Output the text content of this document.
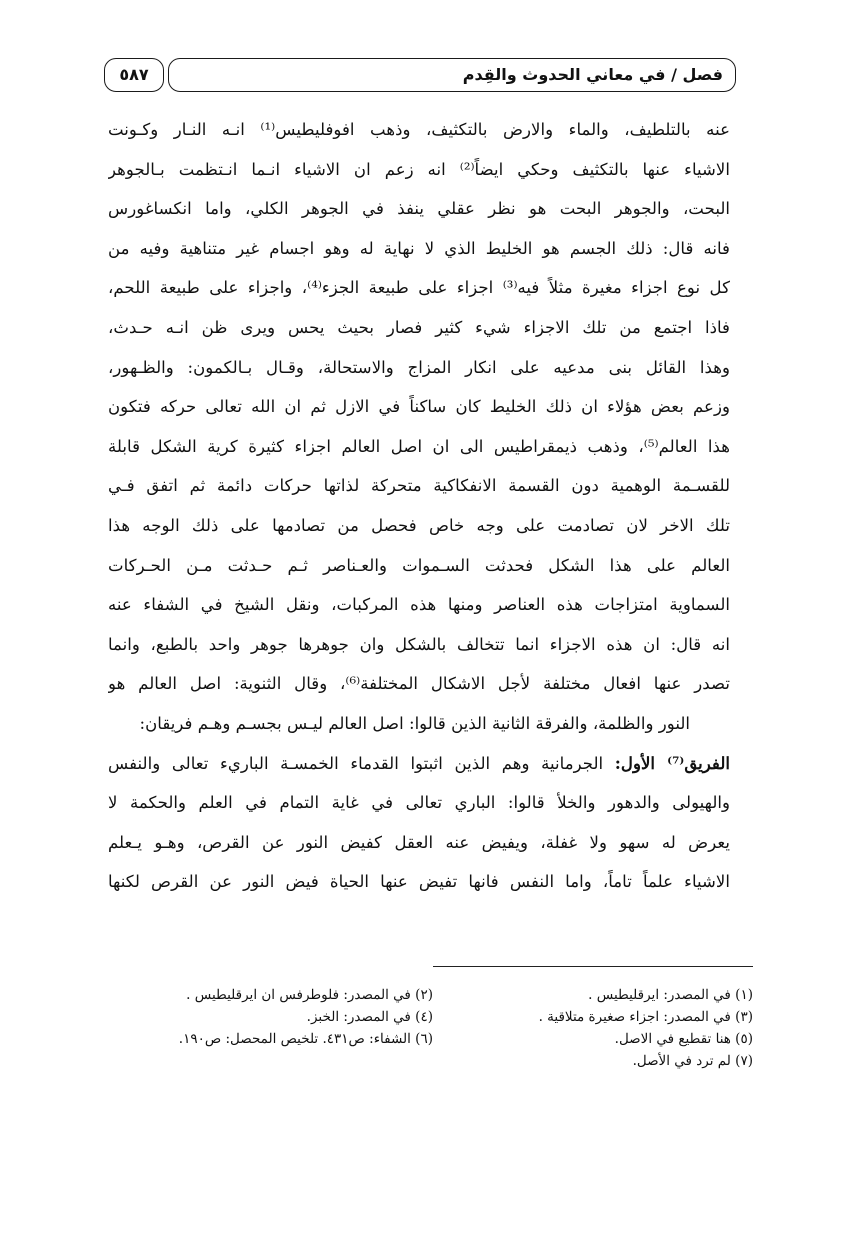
فصل / في معاني الحدوث والقِدم
٥٨٧
عنه بالتلطيف، والماء والارض بالتكثيف، وذهب افوفليطيس⁽¹⁾ انـه النـار وكـونت
الاشياء عنها بالتكثيف وحكي ايضاً⁽²⁾ انه زعم ان الاشياء انـما انـتظمت بـالجوهر
البحت، والجوهر البحت هو نظر عقلي ينفذ في الجوهر الكلي، واما انكساغورس
فانه قال: ذلك الجسم هو الخليط الذي لا نهاية له وهو اجسام غير متناهية وفيه من
كل نوع اجزاء مغيرة مثلاً فيه⁽³⁾ اجزاء على طبيعة الجزء⁽⁴⁾، واجزاء على طبيعة اللحم،
فاذا اجتمع من تلك الاجزاء شيء كثير فصار بحيث يحس ويرى ظن انـه حـدث،
وهذا القائل بنى مدعيه على انكار المزاج والاستحالة، وقـال بـالكمون: والظـهور،
وزعم بعض هؤلاء ان ذلك الخليط كان ساكناً في الازل ثم ان الله تعالى حركه فتكون
هذا العالم⁽⁵⁾، وذهب ذيمقراطيس الى ان اصل العالم اجزاء كثيرة كرية الشكل قابلة
للقسـمة الوهمية دون القسمة الانفكاكية متحركة لذاتها حركات دائمة ثم اتفق فـي
تلك الاخر لان تصادمت على وجه خاص فحصل من تصادمها على ذلك الوجه هذا
العالم على هذا الشكل فحدثت السـموات والعـناصر ثـم حـدثت مـن الحـركات
السماوية امتزاجات هذه العناصر ومنها هذه المركبات، ونقل الشيخ في الشفاء عنه
انه قال: ان هذه الاجزاء انما تتخالف بالشكل وان جوهرها جوهر واحد بالطبع، وانما
تصدر عنها افعال مختلفة لأجل الاشكال المختلفة⁽⁶⁾، وقال الثنوية: اصل العالم هو
النور والظلمة، والفرقة الثانية الذين قالوا: اصل العالم ليـس بجسـم وهـم فريقان:
الفريق⁽⁷⁾ الأول: الجرمانية وهم الذين اثبتوا القدماء الخمسـة الباريء تعالى والنفس
والهيولى والدهور والخلأ قالوا: الباري تعالى في غاية التمام في العلم والحكمة لا
يعرض له سهو ولا غفلة، ويفيض عنه العقل كفيض النور عن القرص، وهـو يـعلم
الاشياء علماً تاماً، واما النفس فانها تفيض عنها الحياة فيض النور عن القرص لكنها
(١) في المصدر: ايرقليطيس .
(٢) في المصدر: فلوطرفس ان ايرقليطيس .
(٣) في المصدر: اجزاء صغيرة متلاقية .
(٤) في المصدر: الخبز.
(٥) هنا تقطيع في الاصل.
(٦) الشفاء: ص٤٣١. تلخيص المحصل: ص١٩٠.
(٧) لم ترد في الأصل.
